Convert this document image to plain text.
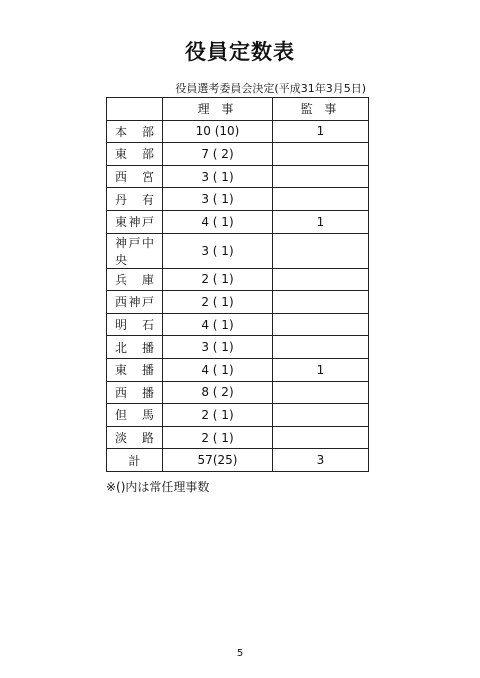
役員定数表
役員選考委員会決定(平成31年3月5日)
	理 事	監 事

本部	10 (10)	1

東部	7 ( 2)	

西宮	3 ( 1)	

丹有	3 ( 1)	

東神戸	4 ( 1)	1

神戸中央	3 ( 1)	

兵庫	2 ( 1)	

西神戸	2 ( 1)	

明石	4 ( 1)	

北播	3 ( 1)	

東播	4 ( 1)	1

西播	8 ( 2)	

但馬	2 ( 1)	

淡路	2 ( 1)	

計	57(25)	3
※()内は常任理事数
5
